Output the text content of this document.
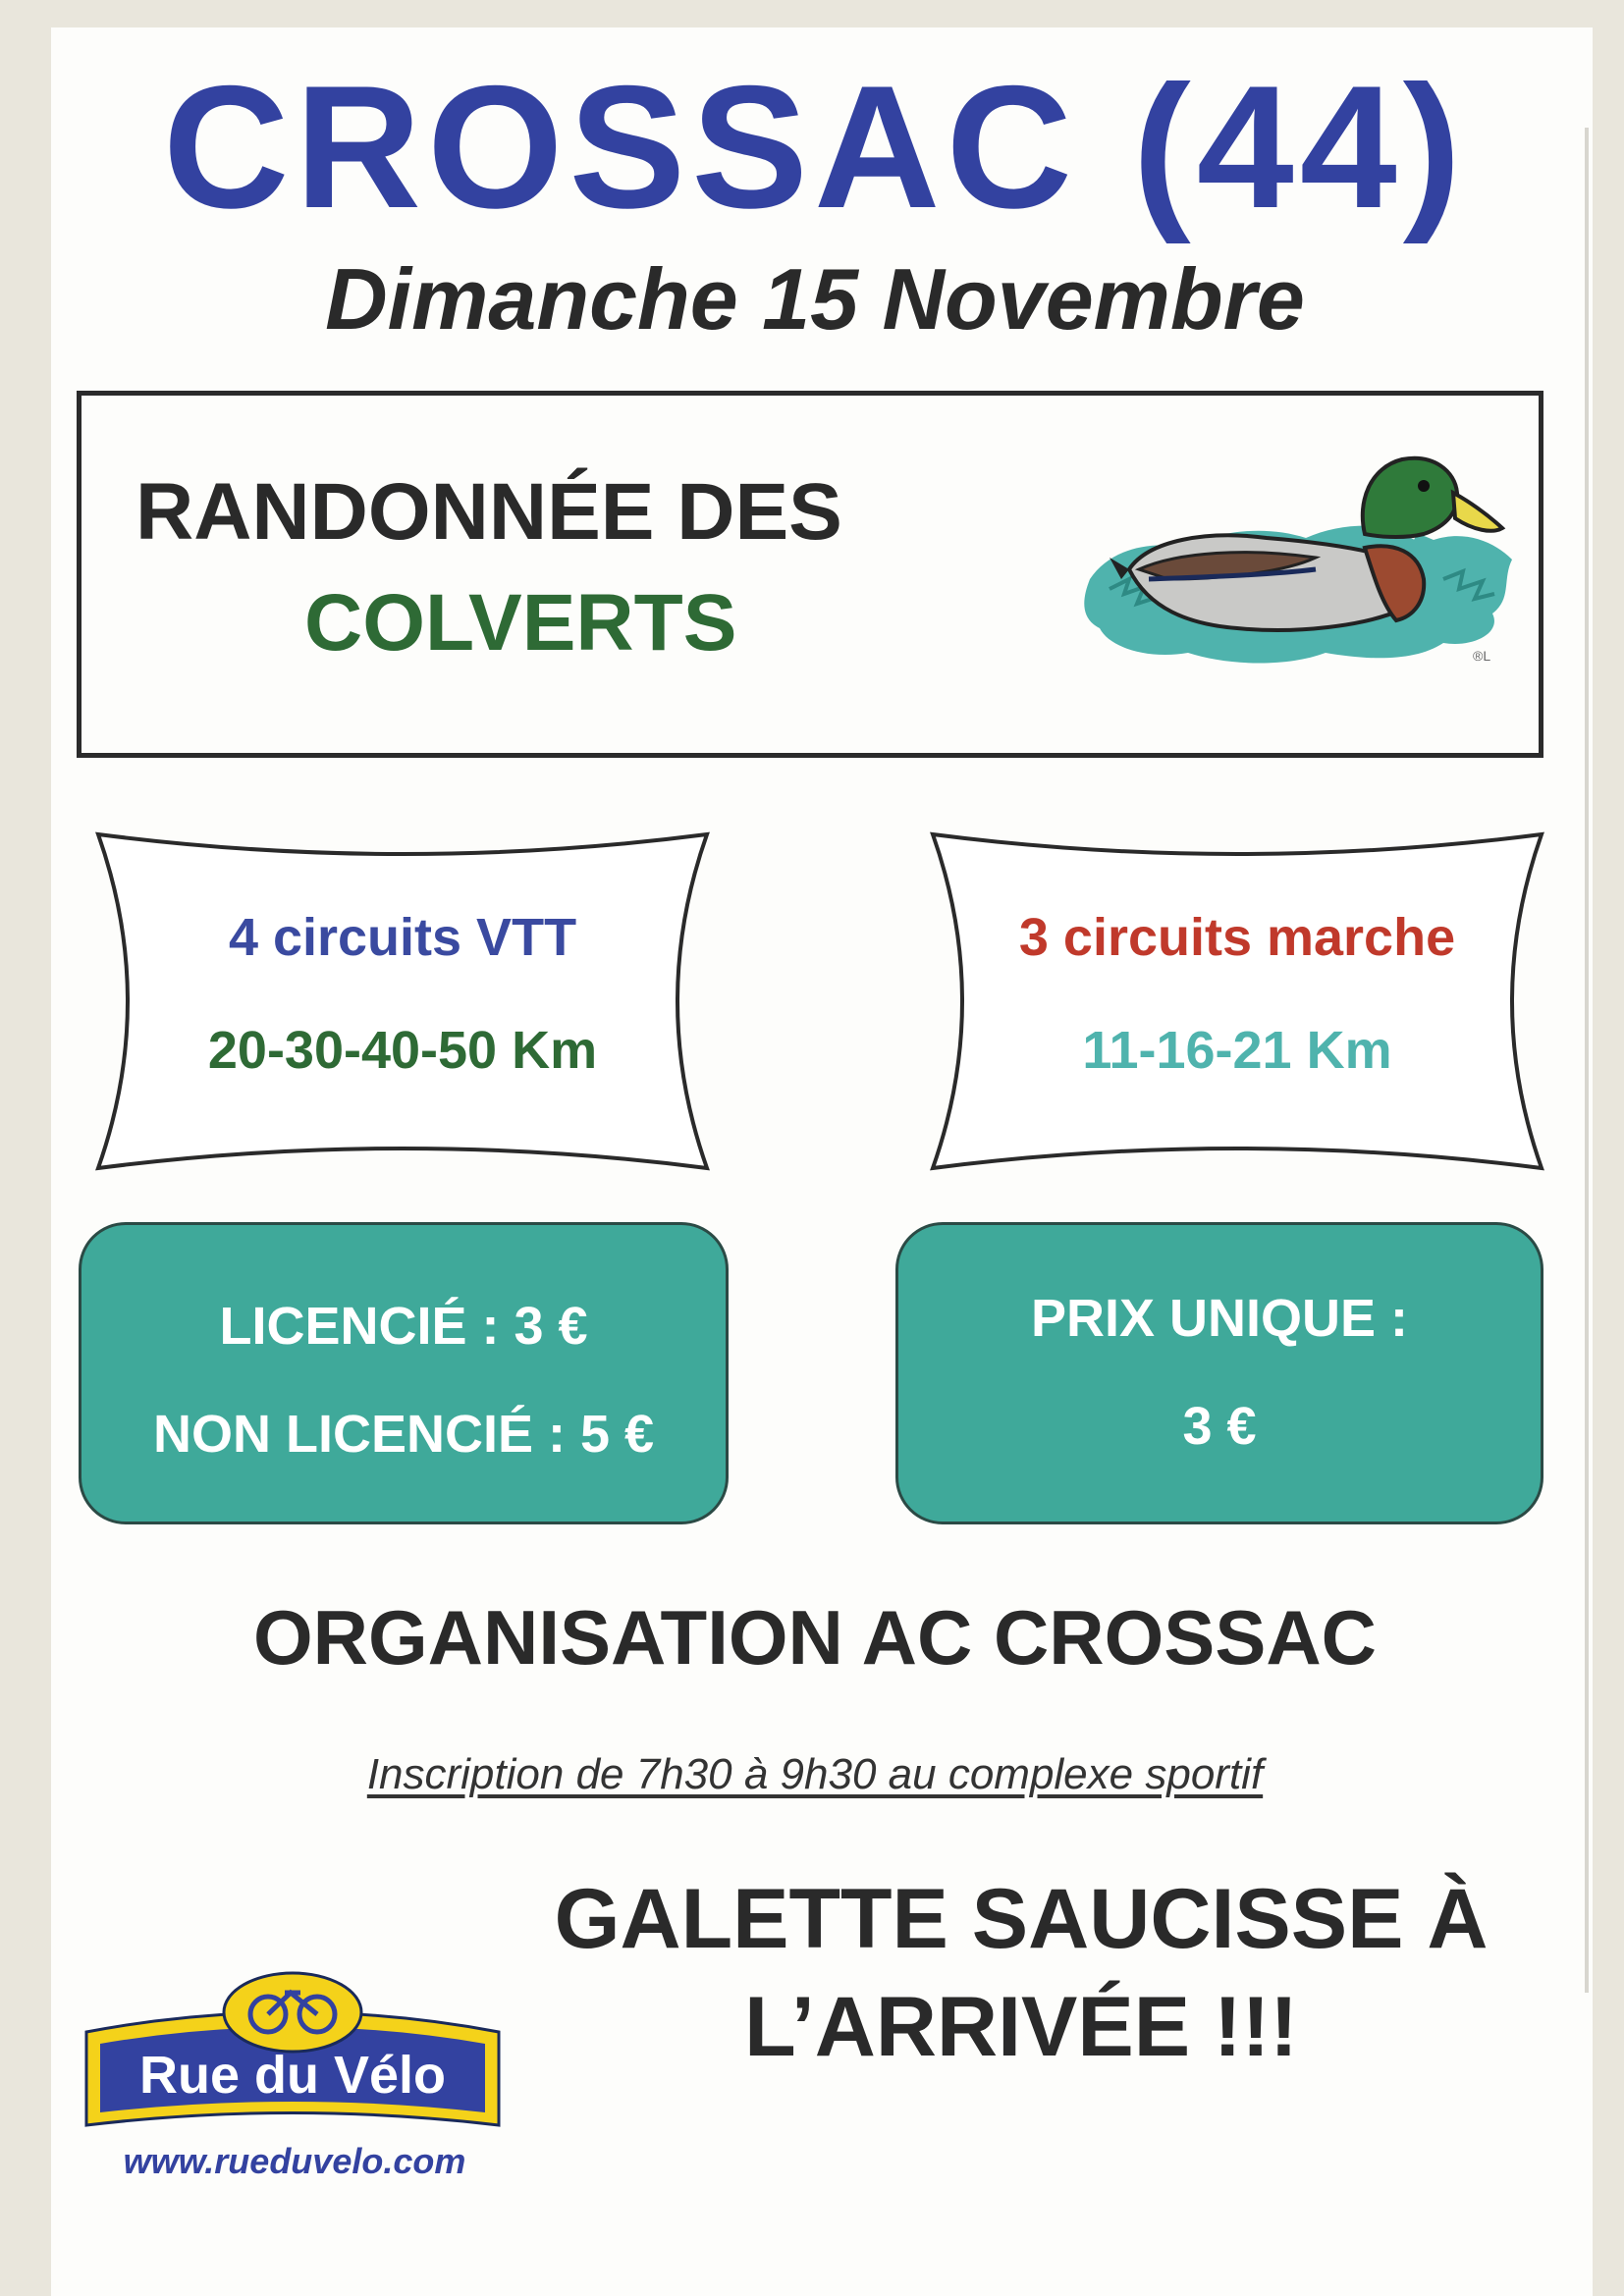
CROSSAC (44)
Dimanche 15 Novembre
RANDONNÉE DES
COLVERTS	®L
4 circuits VTT
20-30-40-50 Km
3 circuits marche
11-16-21 Km
LICENCIÉ : 3 €
NON LICENCIÉ : 5 €
PRIX UNIQUE :
3 €
ORGANISATION AC CROSSAC
Inscription de 7h30 à 9h30 au complexe sportif
GALETTE SAUCISSE À
L’ARRIVÉE !!!
Rue du Vélo
www.rueduvelo.com
